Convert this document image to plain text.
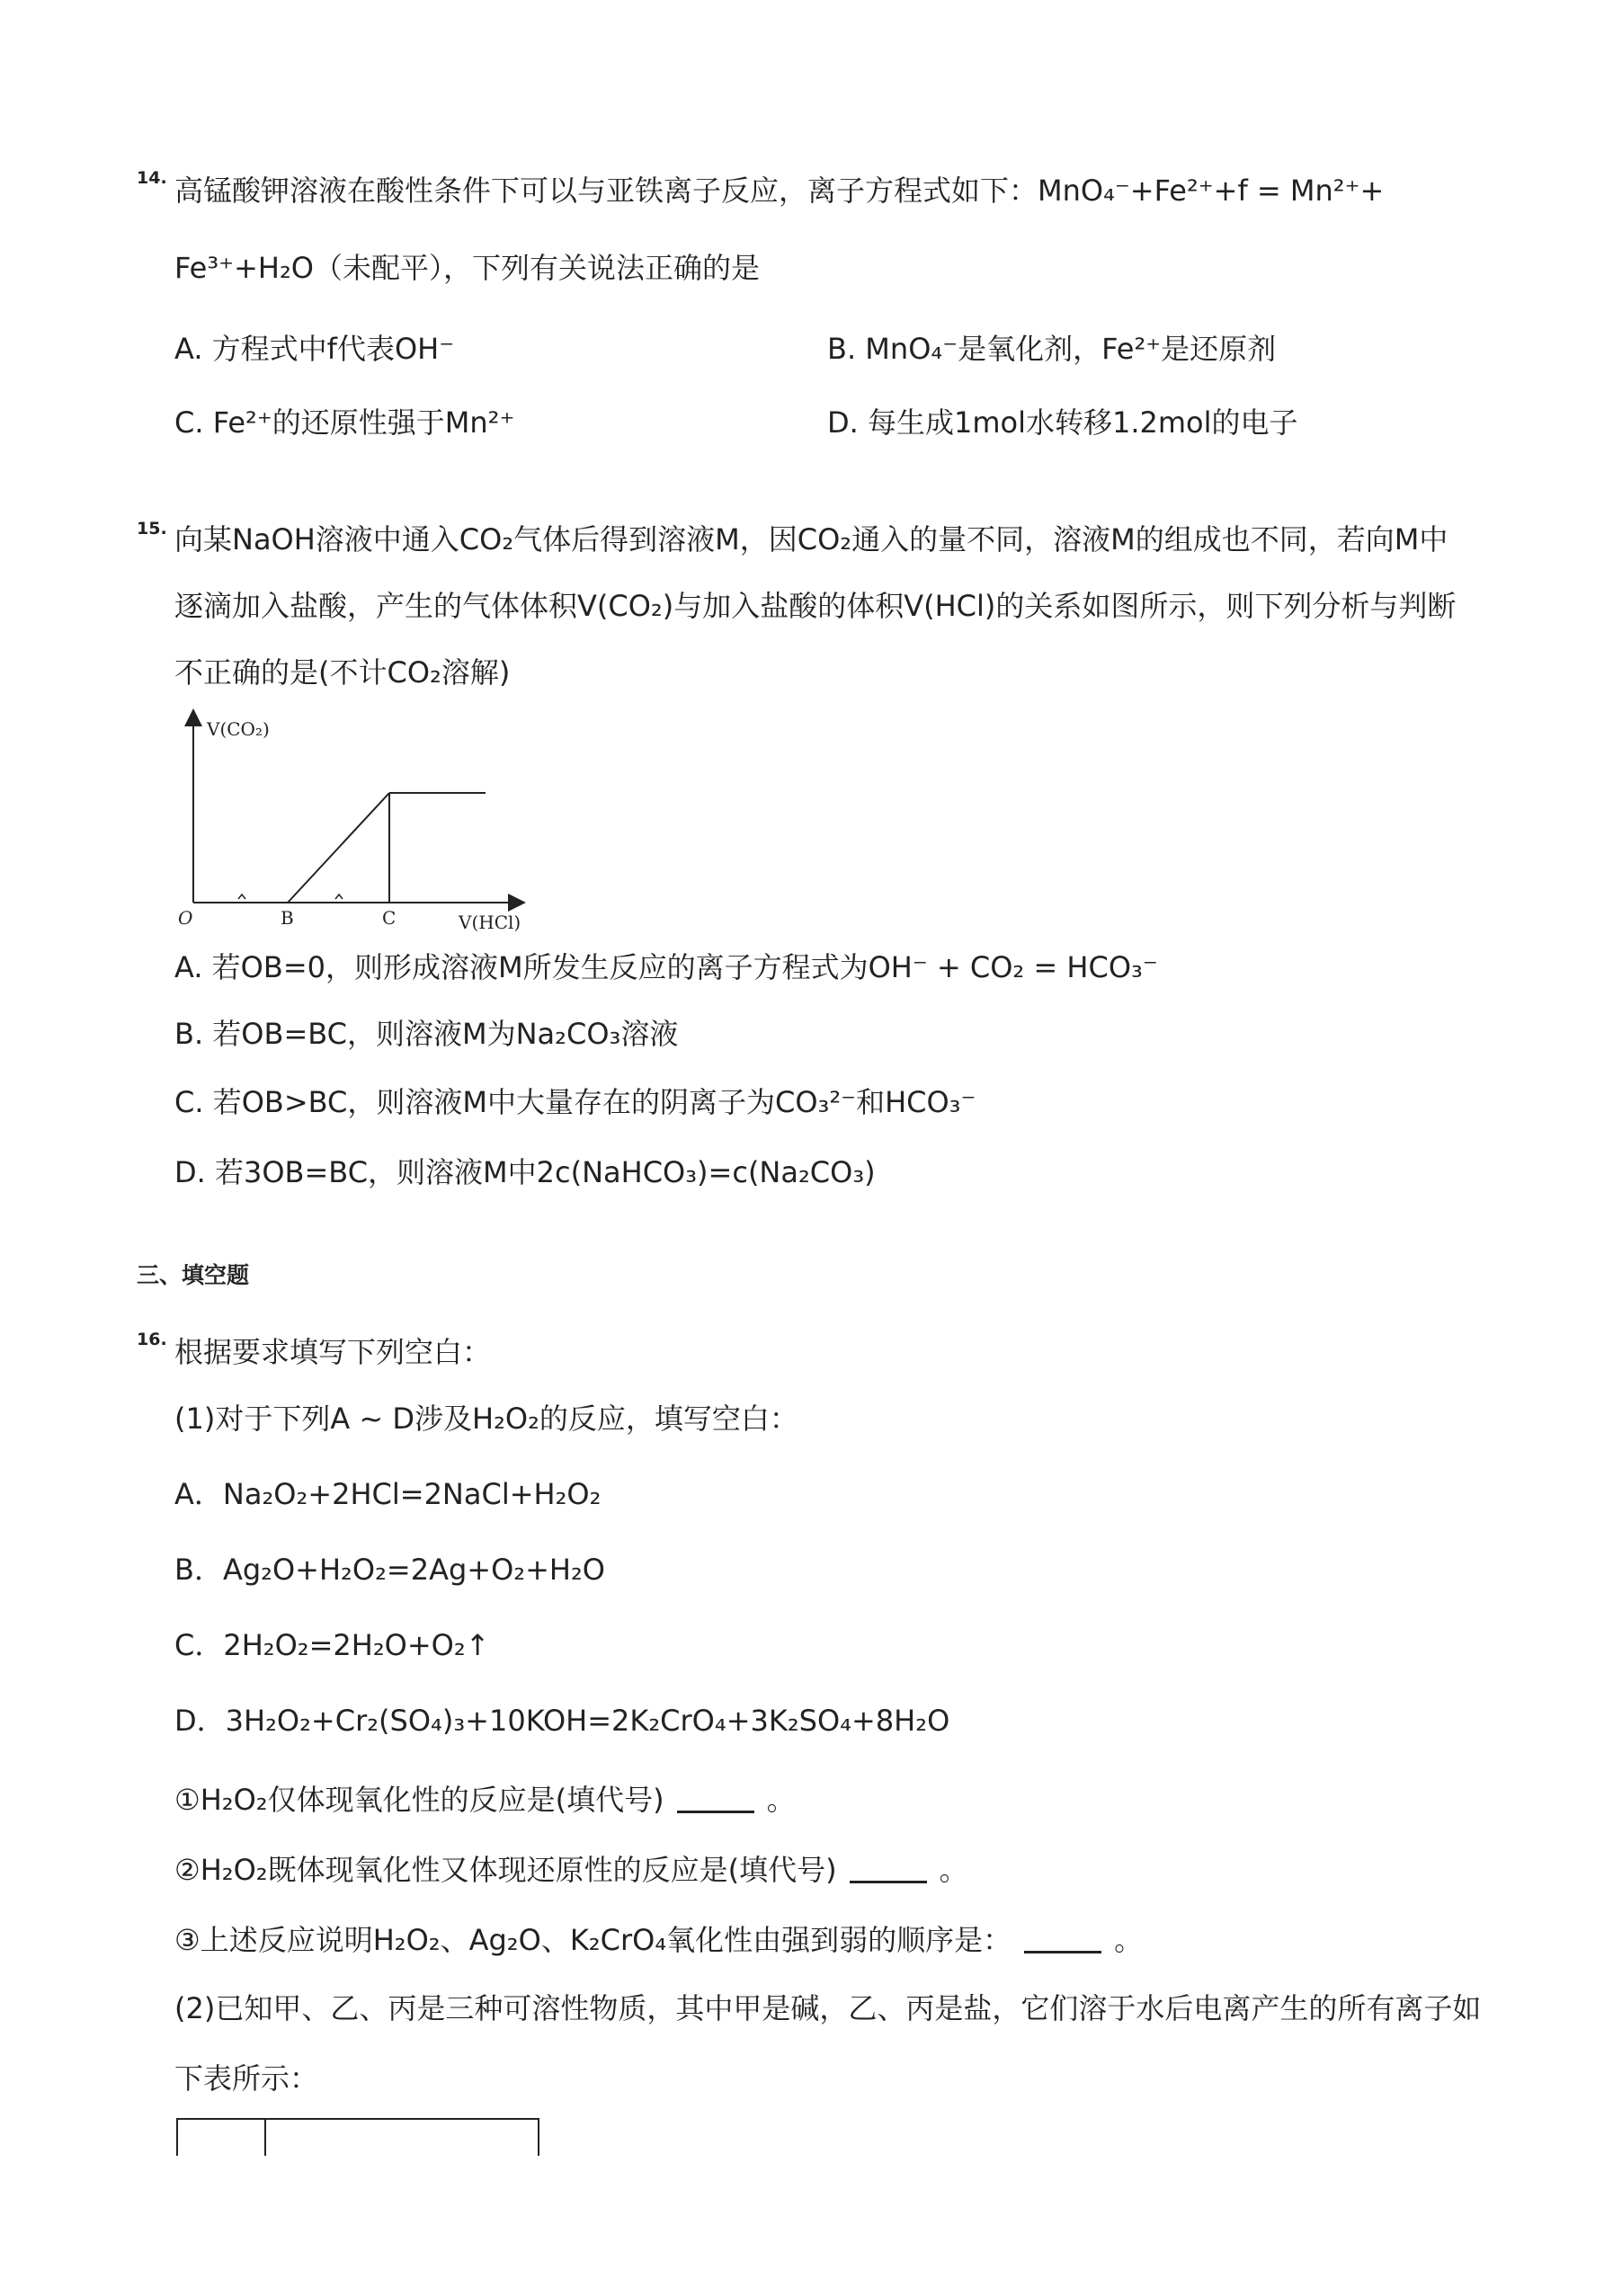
14. 高锰酸钾溶液在酸性条件下可以与亚铁离子反应，离子方程式如下：MnO₄⁻+Fe²⁺+f = Mn²⁺+
Fe³⁺+H₂O（未配平），下列有关说法正确的是
A. 方程式中f代表OH⁻	B. MnO₄⁻是氧化剂，Fe²⁺是还原剂
C. Fe²⁺的还原性强于Mn²⁺	D. 每生成1mol水转移1.2mol的电子
15. 向某NaOH溶液中通入CO₂气体后得到溶液M，因CO₂通入的量不同，溶液M的组成也不同，若向M中
逐滴加入盐酸，产生的气体体积V(CO₂)与加入盐酸的体积V(HCl)的关系如图所示，则下列分析与判断
不正确的是(不计CO₂溶解)
V(CO₂)
V(HCl)
O	B	C
A. 若OB=0，则形成溶液M所发生反应的离子方程式为OH⁻ + CO₂ = HCO₃⁻
B. 若OB=BC，则溶液M为Na₂CO₃溶液
C. 若OB>BC，则溶液M中大量存在的阴离子为CO₃²⁻和HCO₃⁻
D. 若3OB=BC，则溶液M中2c(NaHCO₃)=c(Na₂CO₃)
三、填空题
16. 根据要求填写下列空白：
(1)对于下列A ~ D涉及H₂O₂的反应，填写空白：
A．Na₂O₂+2HCl=2NaCl+H₂O₂
B．Ag₂O+H₂O₂=2Ag+O₂+H₂O
C．2H₂O₂=2H₂O+O₂↑
D．3H₂O₂+Cr₂(SO₄)₃+10KOH=2K₂CrO₄+3K₂SO₄+8H₂O
①H₂O₂仅体现氧化性的反应是(填代号)	。
②H₂O₂既体现氧化性又体现还原性的反应是(填代号)	。
③上述反应说明H₂O₂、Ag₂O、K₂CrO₄氧化性由强到弱的顺序是：	。
(2)已知甲、乙、丙是三种可溶性物质，其中甲是碱，乙、丙是盐，它们溶于水后电离产生的所有离子如
下表所示：
